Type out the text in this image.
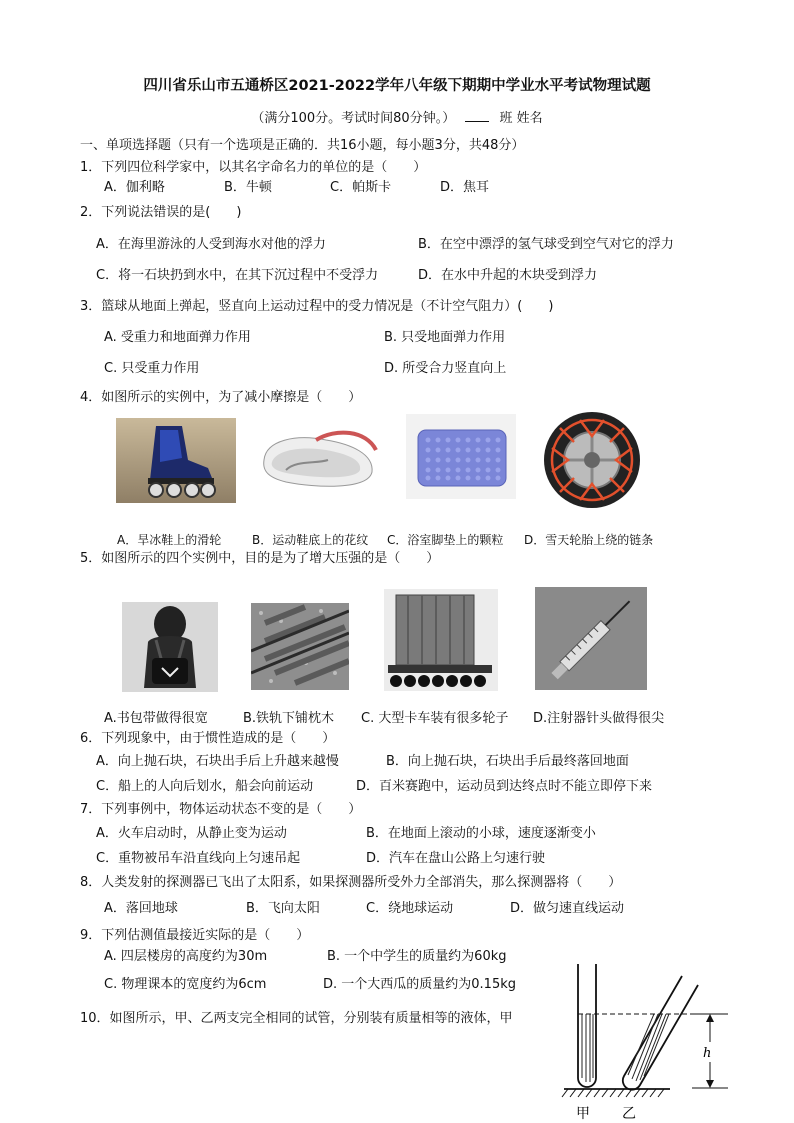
四川省乐山市五通桥区2021-2022学年八年级下期期中学业水平考试物理试题
（满分100分。考试时间80分钟。）	班 姓名
一、单项选择题（只有一个选项是正确的．共16小题，每小题3分，共48分）
1．下列四位科学家中，以其名字命名力的单位的是（　　）
A．伽利略	B．牛顿	C．帕斯卡	D．焦耳
2．下列说法错误的是(　　)
A．在海里游泳的人受到海水对他的浮力	B．在空中漂浮的氢气球受到空气对它的浮力
C．将一石块扔到水中，在其下沉过程中不受浮力	D．在水中升起的木块受到浮力
3．篮球从地面上弹起，竖直向上运动过程中的受力情况是（不计空气阻力）(　　)
A. 受重力和地面弹力作用	B. 只受地面弹力作用
C. 只受重力作用	D. 所受合力竖直向上
4．如图所示的实例中，为了减小摩擦是（　　）
A．旱冰鞋上的滑轮	B．运动鞋底上的花纹 C．浴室脚垫上的颗粒 D．雪天轮胎上绕的链条
5．如图所示的四个实例中，目的是为了增大压强的是（　　）
A.书包带做得很宽	B.铁轨下铺枕木 C. 大型卡车装有很多轮子 D.注射器针头做得很尖
6．下列现象中，由于惯性造成的是（　　）
A．向上抛石块，石块出手后上升越来越慢	B．向上抛石块，石块出手后最终落回地面
C．船上的人向后划水，船会向前运动	D．百米赛跑中，运动员到达终点时不能立即停下来
7．下列事例中，物体运动状态不变的是（　　）
A．火车启动时，从静止变为运动	B．在地面上滚动的小球，速度逐渐变小
C．重物被吊车沿直线向上匀速吊起	D．汽车在盘山公路上匀速行驶
8．人类发射的探测器已飞出了太阳系，如果探测器所受外力全部消失，那么探测器将（　　）
A．落回地球	B．飞向太阳	C．绕地球运动	D．做匀速直线运动
9．下列估测值最接近实际的是（　　）
A. 四层楼房的高度约为30m	B. 一个中学生的质量约为60kg
C. 物理课本的宽度约为6cm	D. 一个大西瓜的质量约为0.15kg
10．如图所示，甲、乙两支完全相同的试管，分别装有质量相等的液体，甲
h
甲 乙
